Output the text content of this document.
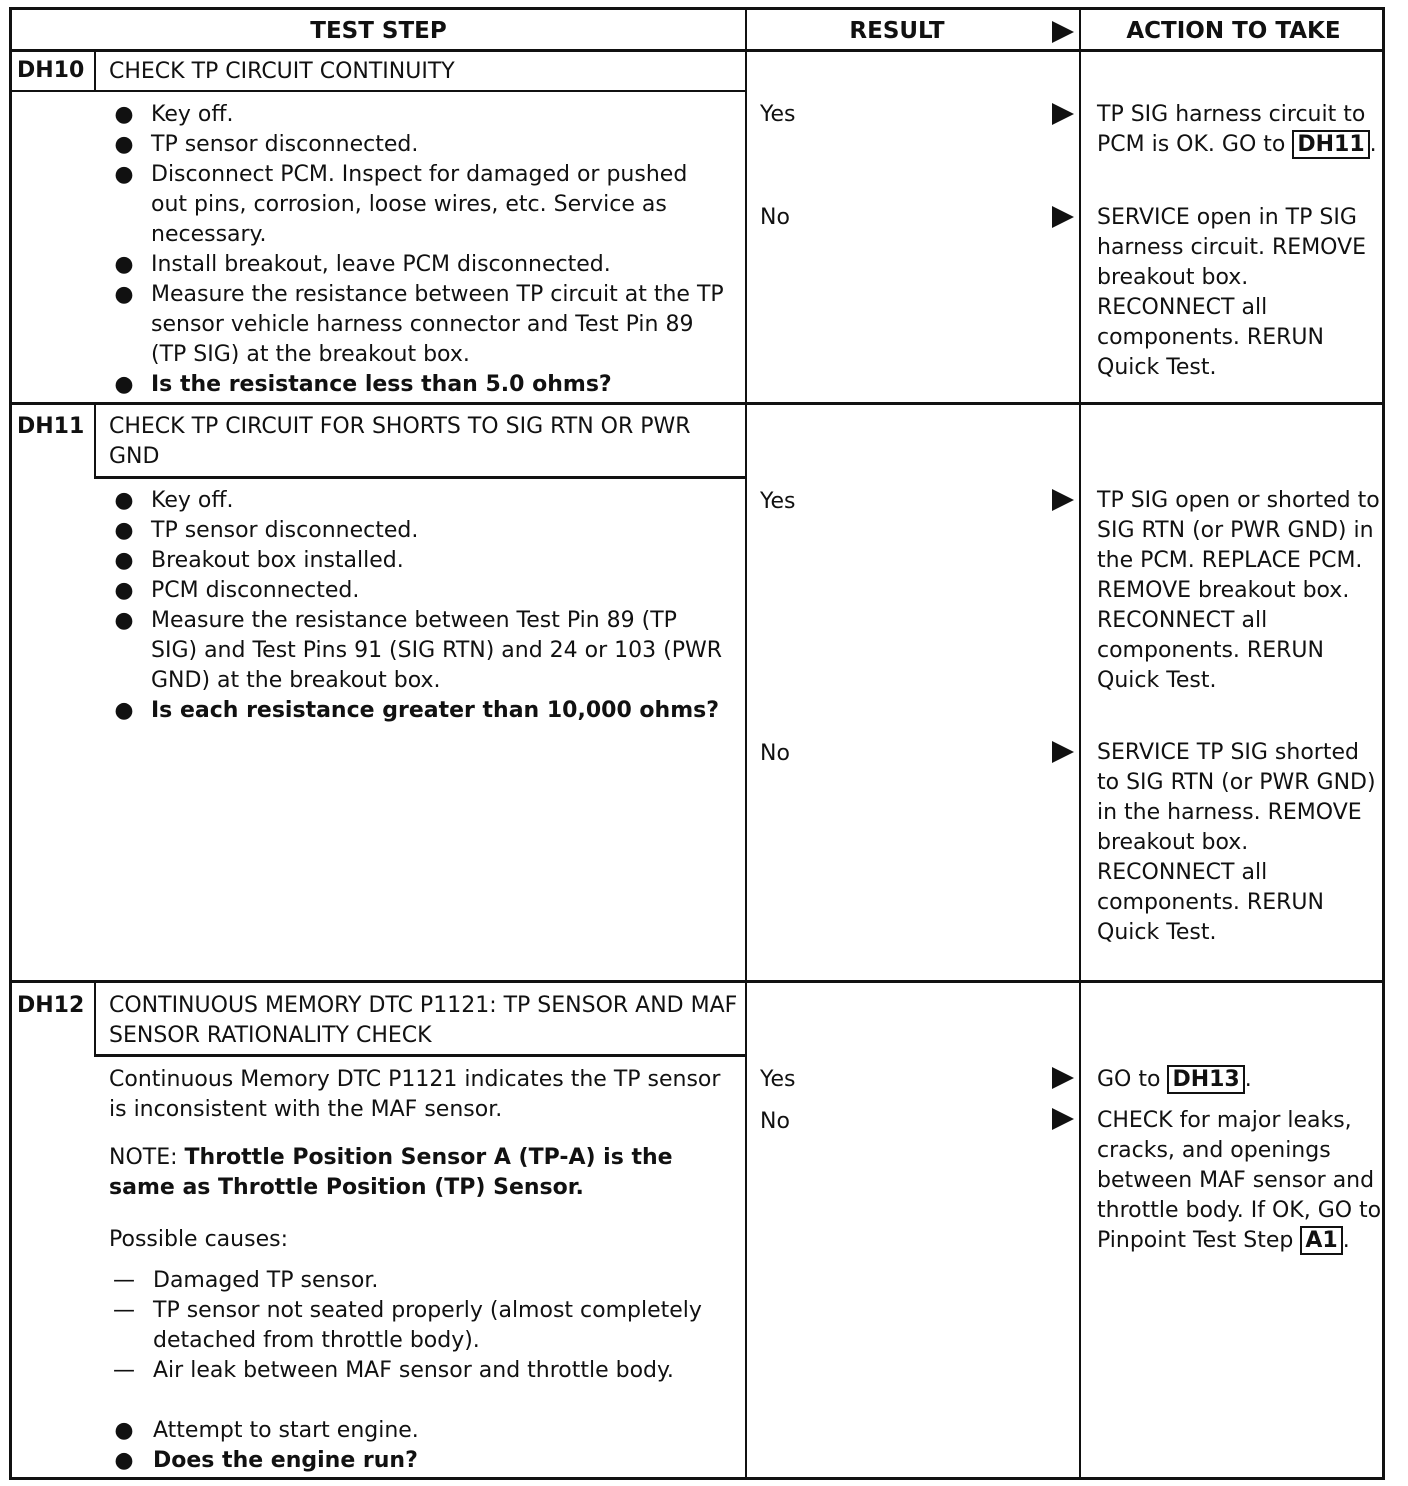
TEST STEP	RESULT	ACTION TO TAKE
DH10 CHECK TP CIRCUIT CONTINUITY
● Key off.
● TP sensor disconnected.
● Disconnect PCM. Inspect for damaged or pushed out pins, corrosion, loose wires, etc. Service as necessary.
● Install breakout, leave PCM disconnected.
● Measure the resistance between TP circuit at the TP sensor vehicle harness connector and Test Pin 89 (TP SIG) at the breakout box.
● Is the resistance less than 5.0 ohms?
Yes	TP SIG harness circuit to PCM is OK. GO to DH11 .
No	SERVICE open in TP SIG harness circuit. REMOVE breakout box. RECONNECT all components. RERUN Quick Test.
DH11 CHECK TP CIRCUIT FOR SHORTS TO SIG RTN OR PWR GND
● Key off.
● TP sensor disconnected.
● Breakout box installed.
● PCM disconnected.
● Measure the resistance between Test Pin 89 (TP SIG) and Test Pins 91 (SIG RTN) and 24 or 103 (PWR GND) at the breakout box.
● Is each resistance greater than 10,000 ohms?
Yes	TP SIG open or shorted to SIG RTN (or PWR GND) in the PCM. REPLACE PCM. REMOVE breakout box. RECONNECT all components. RERUN Quick Test.
No	SERVICE TP SIG shorted to SIG RTN (or PWR GND) in the harness. REMOVE breakout box. RECONNECT all components. RERUN Quick Test.
DH12 CONTINUOUS MEMORY DTC P1121: TP SENSOR AND MAF SENSOR RATIONALITY CHECK
Continuous Memory DTC P1121 indicates the TP sensor is inconsistent with the MAF sensor.
NOTE: Throttle Position Sensor A (TP-A) is the same as Throttle Position (TP) Sensor.
Possible causes:
— Damaged TP sensor.
— TP sensor not seated properly (almost completely detached from throttle body).
— Air leak between MAF sensor and throttle body.
● Attempt to start engine.
● Does the engine run?
Yes	GO to DH13 .
No	CHECK for major leaks, cracks, and openings between MAF sensor and throttle body. If OK, GO to Pinpoint Test Step A1 .
